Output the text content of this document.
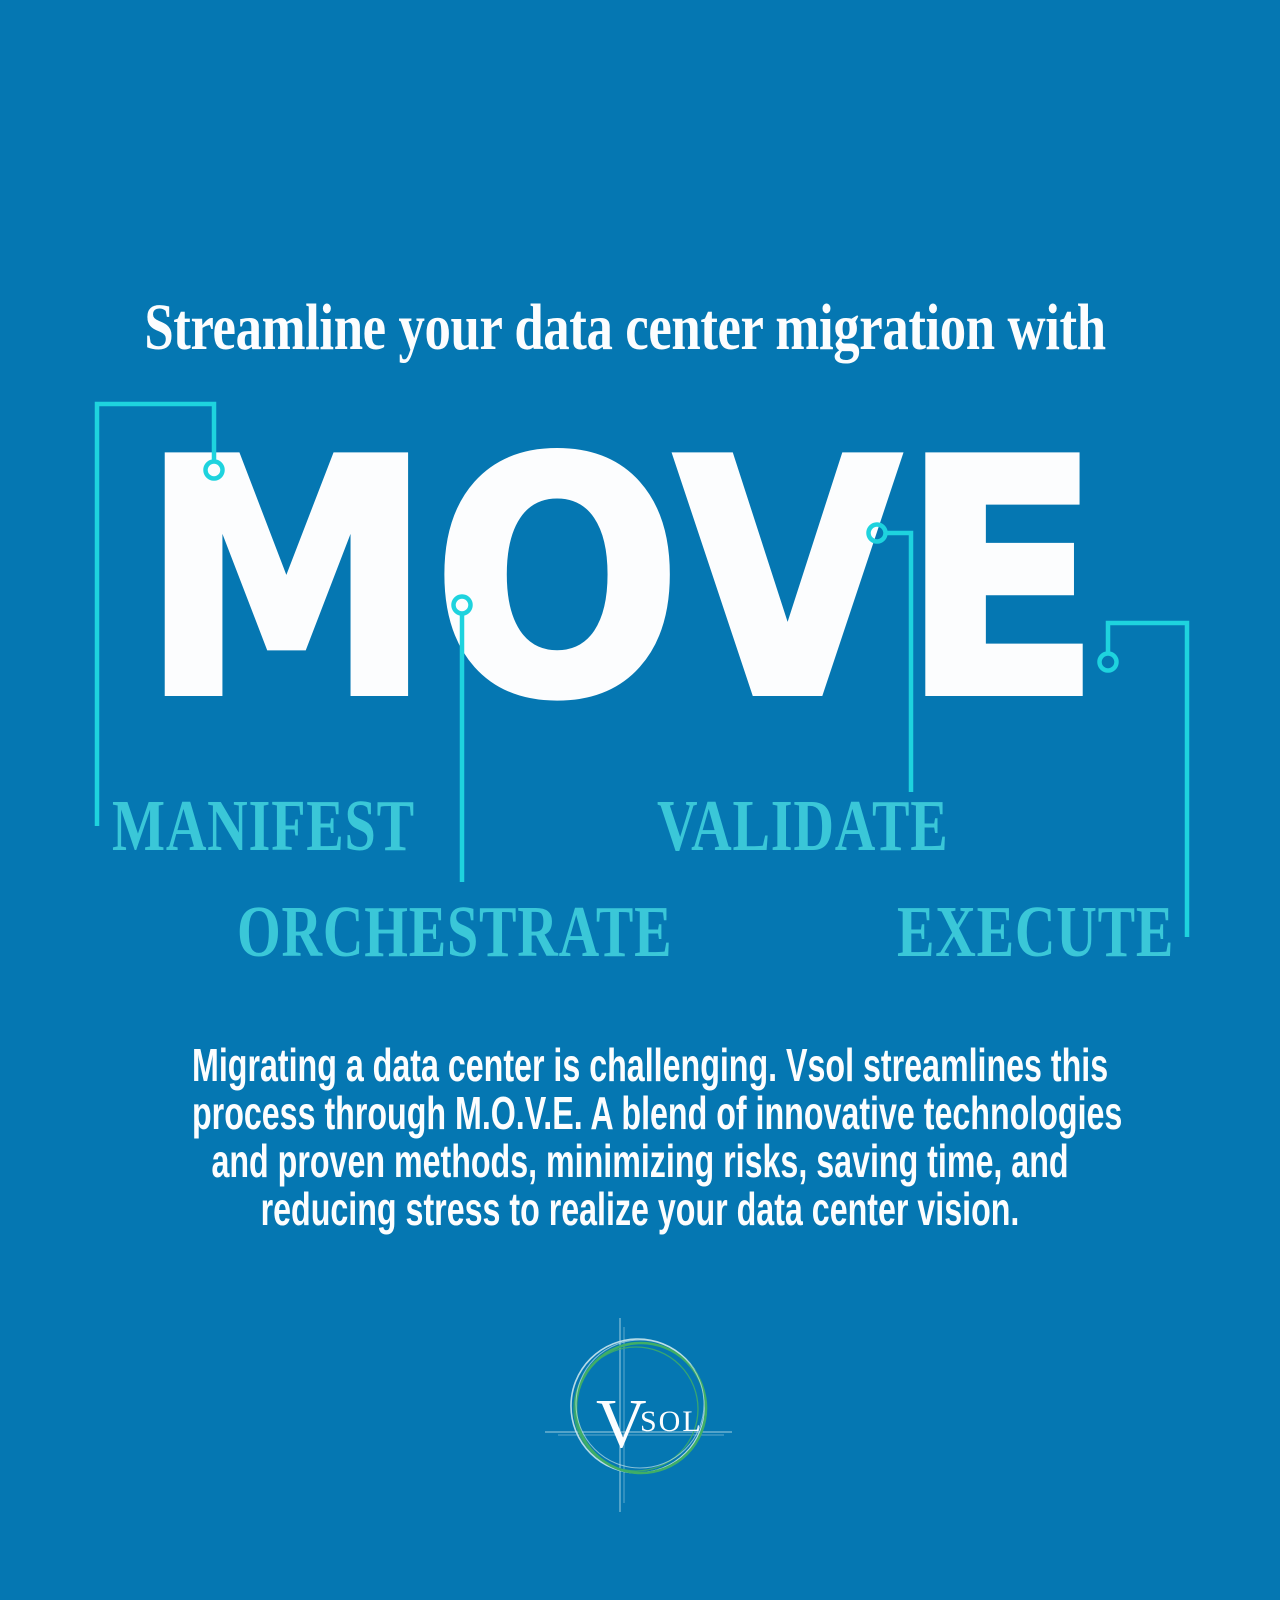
Streamline your data center migration with
MOVE
MANIFEST	VALIDATE
ORCHESTRATE	EXECUTE
Migrating a data center is challenging. Vsol streamlines this
process through M.O.V.E. A blend of innovative technologies
and proven methods, minimizing risks, saving time, and
reducing stress to realize your data center vision.
V
SOL
